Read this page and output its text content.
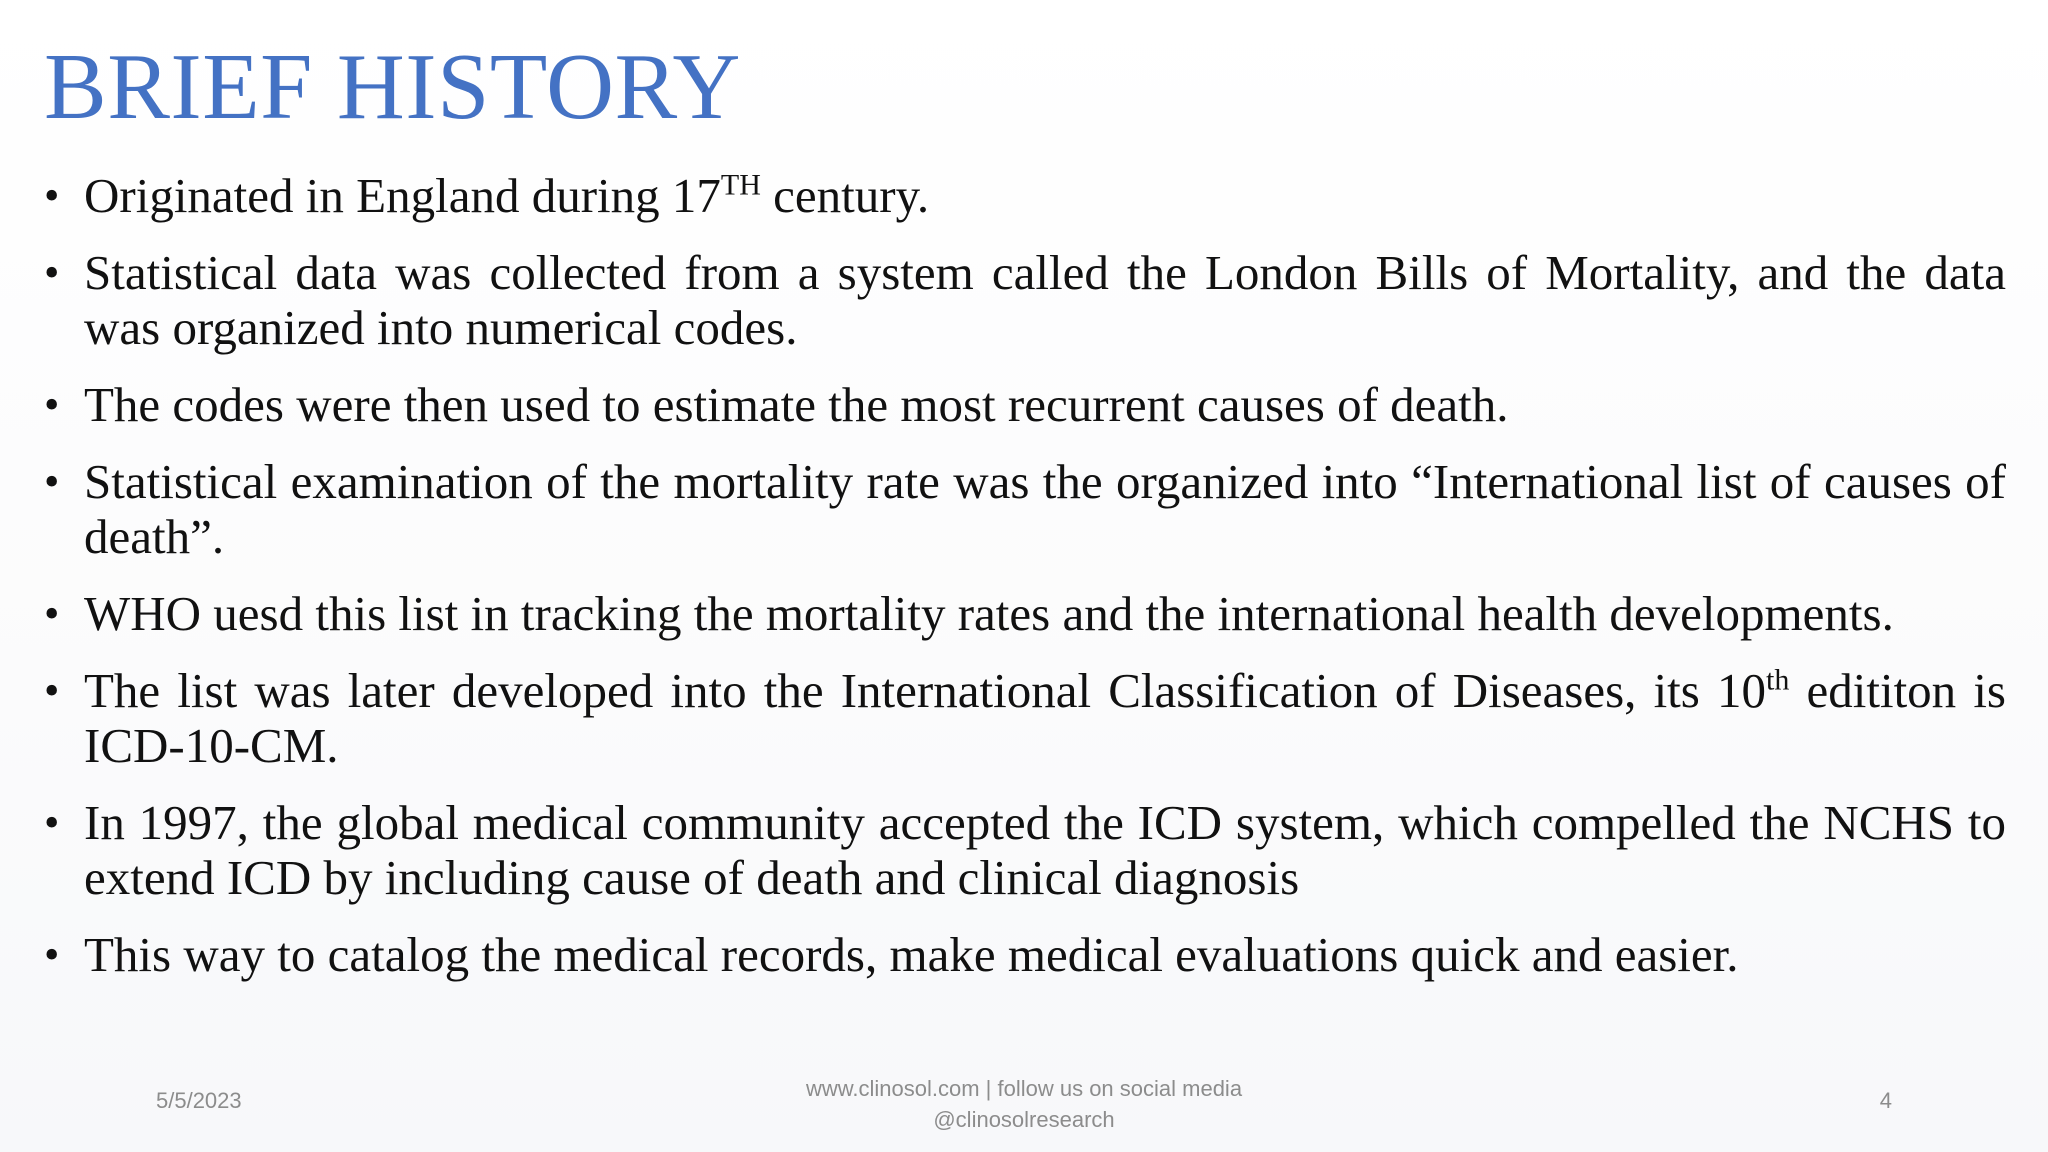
BRIEF HISTORY
• Originated in England during 17TH century.
• Statistical data was collected from a system called the London Bills of Mortality, and the data was organized into numerical codes.
• The codes were then used to estimate the most recurrent causes of death.
• Statistical examination of the mortality rate was the organized into “International list of causes of death”.
• WHO uesd this list in tracking the mortality rates and the international health developments.
• The list was later developed into the International Classification of Diseases, its 10th edititon is ICD-10-CM.
• In 1997, the global medical community accepted the ICD system, which compelled the NCHS to extend ICD by including cause of death and clinical diagnosis
• This way to catalog the medical records, make medical evaluations quick and easier.
5/5/2023	www.clinosol.com | follow us on social media
@clinosolresearch
4
